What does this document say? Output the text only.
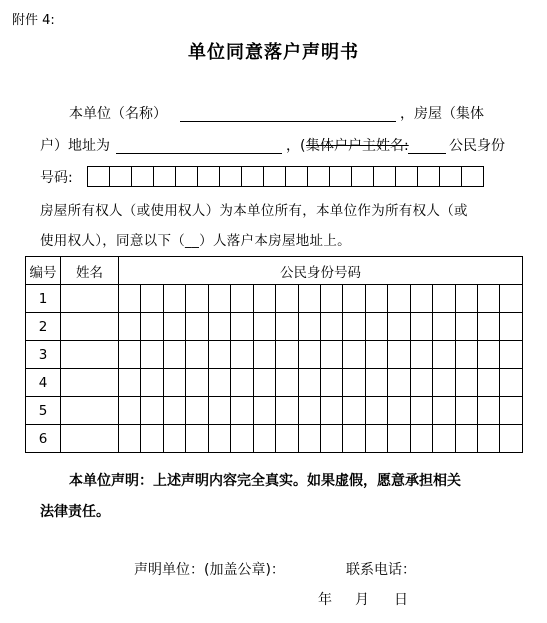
附件 4:
单位同意落户声明书
本单位（名称）	，房屋（集体
户）地址为	，( 集体户户主姓名:	公民身份
号码:
房屋所有权人（或使用权人）为本单位所有，本单位作为所有权人（或
使用权人），同意以下（__）人落户本房屋地址上。
编号	姓名	公民身份号码																	
1																			
2																			
3																			
4																			
5																			
6																			
本单位声明：上述声明内容完全真实。如果虚假，愿意承担相关
法律责任。
声明单位：(加盖公章)：	联系电话：
年 月 日
